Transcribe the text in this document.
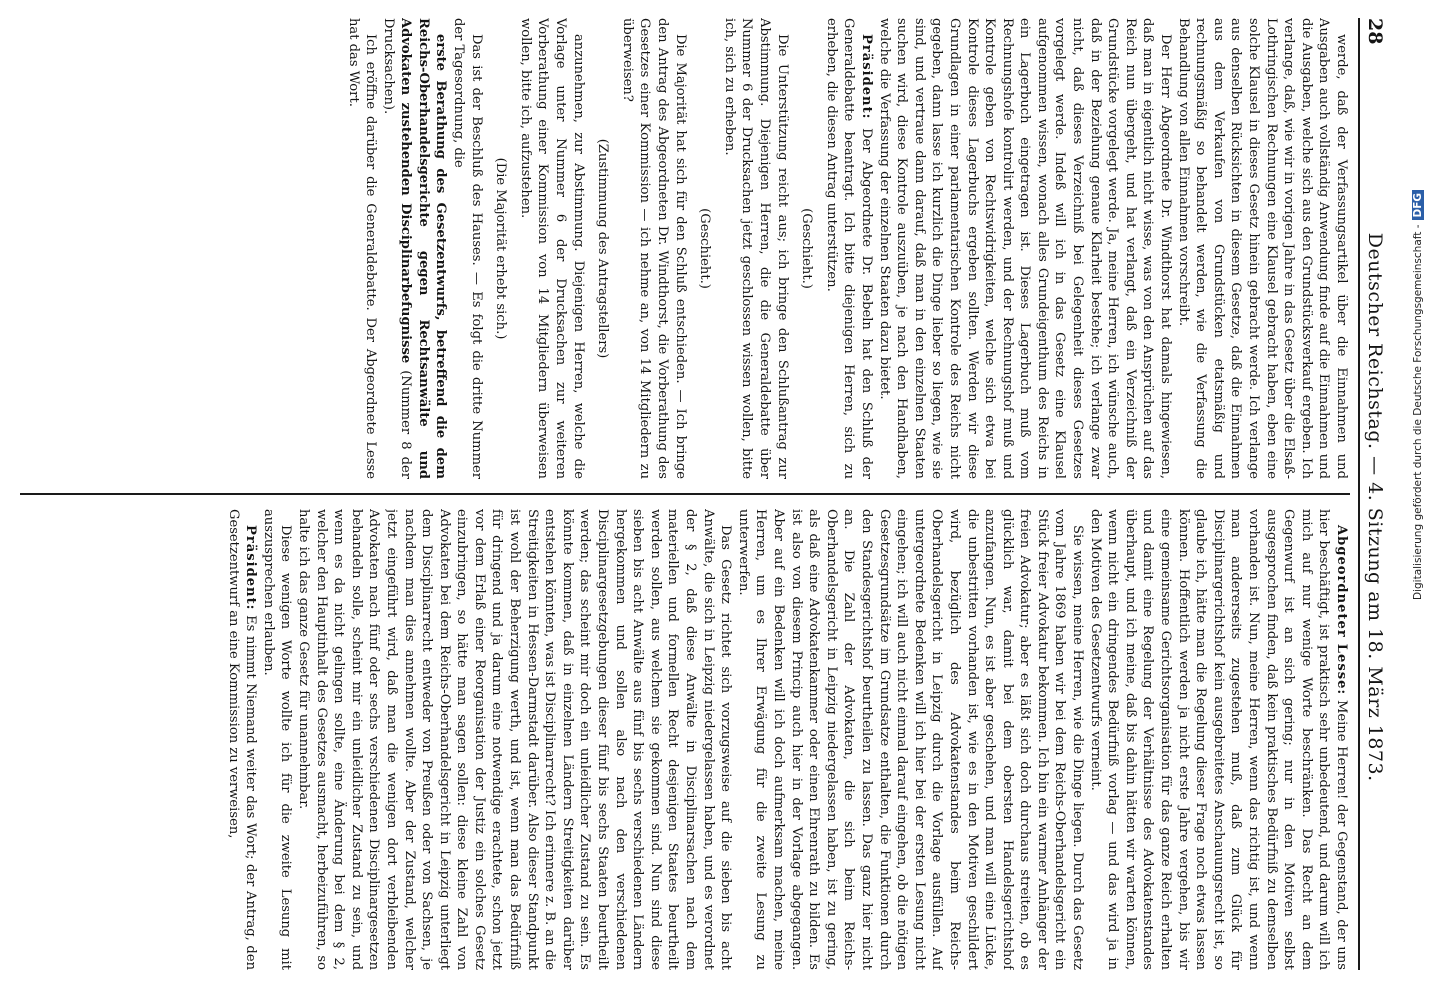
28
Deutscher Reichstag. — 4. Sitzung am 18. März 1873.

werde, daß der Verfassungsartikel über die Einnahmen und Ausgaben auch vollständig Anwendung finde auf die Einnahmen und die Ausgaben, welche sich aus den Grundstücksverkauf ergeben. Ich verlange, daß, wie wir in vorigen Jahre in das Gesetz über die Elsaß-Lothringischen Rechnungen eine Klausel gebracht haben, eben eine solche Klausel in dieses Gesetz hinein gebracht werde. Ich verlange aus denselben Rücksichten in diesem Gesetze, daß die Einnahmen aus dem Verkaufen von Grundstücken etatsmäßig und rechnungsmäßig so behandelt werden, wie die Verfassung die Behandlung von allen Einnahmen vorschreibt.

Der Herr Abgeordnete Dr. Windthorst hat damals hingewiesen, daß man in eigentlich nicht wisse, was von den Ansprüchen auf das Reich nun übergeht, und hat verlangt, daß ein Verzeichniß der Grundstücke vorgelegt werde. Ja, meine Herren, ich wünsche auch, daß in der Beziehung genaue Klarheit bestehe; ich verlange zwar nicht, daß dieses Verzeichniß bei Gelegenheit dieses Gesetzes vorgelegt werde. Indeß will ich in das Gesetz eine Klausel aufgenommen wissen, wonach alles Grundeigenthum des Reichs in ein Lagerbuch eingetragen ist. Dieses Lagerbuch muß vom Rechnungshofe kontrolirt werden, und der Rechnungshof muß und Kontrole geben von Rechtswidrigkeiten, welche sich etwa bei Kontrole dieses Lagerbuchs ergeben sollten. Werden wir diese Grundlagen in einer parlamentarischen Kontrole des Reichs nicht gegeben, dann lasse ich kurzlich die Dinge lieber so liegen, wie sie sind, und vertraue dann darauf, daß man in den einzelnen Staaten suchen wird, diese Kontrole auszuüben, je nach den Handhaben, welche die Verfassung der einzelnen Staaten dazu bietet.

Präsident: Der Abgeordnete Dr. Bebeln hat den Schluß der Generaldebatte beantragt. Ich bitte diejenigen Herren, sich zu erheben, die diesen Antrag unterstützen.

(Geschieht.)

Die Unterstützung reicht aus; ich bringe den Schlußantrag zur Abstimmung. Diejenigen Herren, die die Generaldebatte über Nummer 6 der Drucksachen jetzt geschlossen wissen wollen, bitte ich, sich zu erheben.

(Geschieht.)

Die Majorität hat sich für den Schluß entschieden. — Ich bringe den Antrag des Abgeordneten Dr. Windthorst, die Vorberathung des Gesetzes einer Kommission — ich nehme an, von 14 Mitgliedern zu überweisen?

(Zustimmung des Antragstellers)

anzunehmen, zur Abstimmung. Diejenigen Herren, welche die Vorlage unter Nummer 6 der Drucksachen zur weiteren Vorberathung einer Kommission von 14 Mitgliedern überweisen wollen, bitte ich, aufzustehen.

(Die Majorität erhebt sich.)

Das ist der Beschluß des Hauses. — Es folgt die dritte Nummer der Tagesordnung, die

erste Berathung des Gesetzentwurfs, betreffend die dem Reichs-Oberhandelsgerichte gegen Rechtsanwälte und Advokaten zustehenden Disciplinarbefugnisse (Nummer 8 der Drucksachen).

Ich eröffne darüber die Generaldebatte. Der Abgeordnete Lesse hat das Wort.

Abgeordneter Lesse: Meine Herren! der Gegenstand, der uns hier beschäftigt, ist praktisch sehr unbedeutend, und darum will ich mich auf nur wenige Worte beschränken. Das Recht an dem Gegenwurf ist an sich gering; nur in den Motiven selbst ausgesprochen finden, daß kein praktisches Bedürfniß zu demselben vorhanden ist. Nun, meine Herren, wenn das richtig ist, und wenn man andererseits zugestehen muß, daß zum Glück für Disciplinargerichtshof kein ausgebreitetes Anschauungsrecht ist, so glaube ich, hätte man die Regelung dieser Frage noch etwas lassen können. Hoffentlich werden ja nicht erste Jahre vergehen, bis wir eine gemeinsame Gerichtsorganisation für das ganze Reich erhalten und damit eine Regelung der Verhältnisse des Advokatenstandes überhaupt, und ich meine, daß bis dahin hätten wir warten können, wenn nicht ein dringendes Bedürfniß vorlag — und das wird ja in den Motiven des Gesetzentwurfs verneint.

Sie wissen, meine Herren, wie die Dinge liegen. Durch das Gesetz vom Jahre 1869 haben wir bei dem Reichs-Oberhandelsgericht ein Stück freier Advokatur bekommen. Ich bin ein warmer Anhänger der freien Advokatur; aber es läßt sich doch durchaus streiten, ob es glücklich war, damit bei dem obersten Handelsgerichtshof anzufangen. Nun, es ist aber geschehen, und man will eine Lücke, die unbestritten vorhanden ist, wie es in den Motiven geschildert wird, bezüglich des Advokatenstandes beim Reichs-Oberhandelsgericht in Leipzig durch die Vorlage ausfüllen. Auf untergeordnete Bedenken will ich hier bei der ersten Lesung nicht eingehen; ich will auch nicht einmal darauf eingehen, ob die nötigen Gesetzesgrundsätze im Grundsatze enthalten, die Funktionen durch den Standesgerichtshof beurtheilen zu lassen. Das ganz hier nicht an. Die Zahl der Advokaten, die sich beim Reichs-Oberhandelsgericht in Leipzig niedergelassen haben, ist zu gering, als daß eine Advokatenkammer oder einen Ehrenrath zu bilden. Es ist also von diesem Princip auch hier in der Vorlage abgegangen. Aber auf ein Bedenken will ich doch aufmerksam machen, meine Herren, um es Ihrer Erwägung für die zweite Lesung zu unterwerfen.

Das Gesetz richtet sich vorzugsweise auf die sieben bis acht Anwälte, die sich in Leipzig niedergelassen haben, und es verordnet der § 2, daß diese Anwälte in Disciplinarsachen nach dem materiellen und formellen Recht desjenigen Staates beurtheilt werden sollen, aus welchem sie gekommen sind. Nun sind diese sieben bis acht Anwälte aus fünf bis sechs verschiedenen Ländern hergekommen und sollen also nach den verschiedenen Disciplinargesetzgebungen dieser fünf bis sechs Staaten beurtheilt werden; das scheint mir doch ein unleidlicher Zustand zu sein. Es könnte kommen, daß in einzelnen Ländern Streitigkeiten darüber entstehen könnten, was ist Disciplinarrecht? Ich erinnere z. B. an die Streitigkeiten in Hessen-Darmstadt darüber. Also dieser Standpunkt ist wohl der Beherzigung werth, und ist, wenn man das Bedürfniß für dringend und ja darum eine notwendige erachtete, schon jetzt vor dem Erlaß einer Reorganisation der Justiz ein solches Gesetz einzubringen, so hätte man sagen sollen: diese kleine Zahl von Advokaten bei dem Reichs-Oberhandelsgericht in Leipzig unterliegt dem Disciplinarrecht entweder von Preußen oder von Sachsen, je nachdem man dies annehmen wollte. Aber der Zustand, welcher jetzt eingeführt wird, daß man die wenigen dort verbleibenden Advokaten nach fünf oder sechs verschiedenen Disciplinargesetzen behandeln solle, scheint mir ein unleidlicher Zustand zu sein, und wenn es da nicht gelingen sollte, eine Änderung bei dem § 2, welcher den Hauptinhalt des Gesetzes ausmacht, herbeizuführen, so halte ich das ganze Gesetz für unannehmbar.

Diese wenigen Worte wollte ich für die zweite Lesung mit auszusprechen erlauben.

Präsident: Es nimmt Niemand weiter das Wort; der Antrag, den Gesetzentwurf an eine Kommission zu verweisen,

Digitalisierung gefördert durch die Deutsche Forschungsgemeinschaft -DFG
